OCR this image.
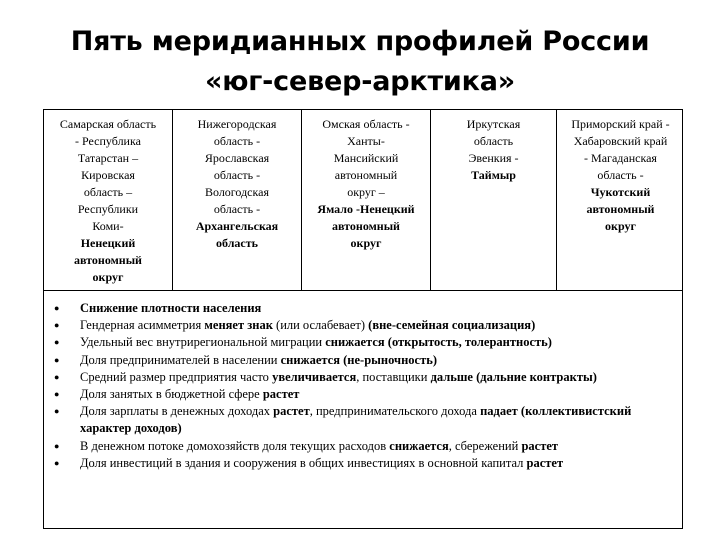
Пять меридианных профилей России
«юг-север-арктика»
Самарская область
- Республика
Татарстан –
Кировская
область –
Республики
Коми-
Ненецкий
автономный
округ
Нижегородская
область -
Ярославская
область -
Вологодская
область -
Архангельская
область
Омская область -
Ханты-
Мансийский
автономный
округ –
Ямало -Ненецкий
автономный
округ
Иркутская
область
Эвенкия -
Таймыр
Приморский край -
Хабаровский край
- Магаданская
область -
Чукотский
автономный
округ
● Снижение плотности населения
● Гендерная асимметрия меняет знак (или ослабевает) (вне-семейная социализация)
● Удельный вес внутрирегиональной миграции снижается (открытость, толерантность)
● Доля предпринимателей в населении снижается (не-рыночность)
● Средний размер предприятия часто увеличивается, поставщики дальше (дальние контракты)
● Доля занятых в бюджетной сфере растет
● Доля зарплаты в денежных доходах растет, предпринимательского дохода падает (коллективистский характер доходов)
● В денежном потоке домохозяйств доля текущих расходов снижается, сбережений растет
● Доля инвестиций в здания и сооружения в общих инвестициях в основной капитал растет
